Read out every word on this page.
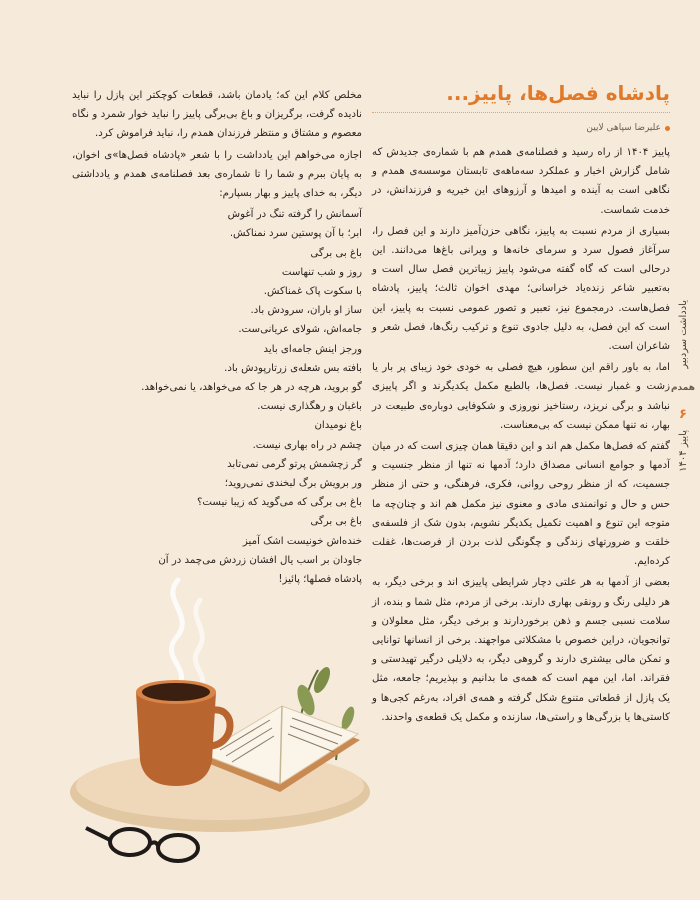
پادشاه فصل‌ها، پاییز...
علیرضا سپاهی لایین

پاییز ۱۴۰۴ از راه رسید و فصلنامه‌ی همدم هم با شماره‌ی جدیدش که شامل گزارش اخبار و عملکرد سه‌ماهه‌ی تابستان موسسه‌ی همدم و نگاهی است به آینده و امیدها و آرزوهای این خیریه و فرزندانش، در خدمت شماست.

بسیاری از مردم نسبت به پاییز، نگاهی حزن‌آمیز دارند و این فصل را، سرآغاز فصول سرد و سرمای خانه‌ها و ویرانی باغ‌ها می‌دانند. این درحالی است که گاه گفته می‌شود پاییز زیباترین فصل سال است و به‌تعبیر شاعر زنده‌یاد خراسانی؛ مهدی اخوان ثالث؛ پاییز، پادشاه فصل‌هاست. درمجموع نیز، تعبیر و تصور عمومی نسبت به پاییز، این است که این فصل، به دلیل جادوی تنوع و ترکیب رنگ‌ها، فصل شعر و شاعران است.

اما، به باور راقم این سطور، هیچ فصلی به خودی خود زیبای پر بار یا زشت و غمبار نیست. فصل‌ها، بالطبع مکمل یکدیگرند و اگر پاییزی نباشد و برگی نریزد، رستاخیز نوروزی و شکوفایی دوباره‌ی طبیعت در بهار، نه تنها ممکن نیست که بی‌معناست.

گفتم که فصل‌ها مکمل هم اند و این دقیقا همان چیزی است که در میان آدمها و جوامع انسانی مصداق دارد؛ آدمها نه تنها از منظر جنسیت و جسمیت، که از منظر روحی روانی، فکری، فرهنگی، و حتی از منظر حس و حال و توانمندی مادی و معنوی نیز مکمل هم اند و چنان‌چه ما متوجه این تنوع و اهمیت تکمیل یکدیگر نشویم، بدون شک از فلسفه‌ی خلقت و ضرورتهای زندگی و چگونگی لذت بردن از فرصت‌ها، غفلت کرده‌ایم.

بعضی از آدمها به هر علتی دچار شرایطی پاییزی اند و برخی دیگر، به هر دلیلی رنگ و رونقی بهاری دارند. برخی از مردم، مثل شما و بنده، از سلامت نسبی جسم و ذهن برخوردارند و برخی دیگر، مثل معلولان و توانجویان، دراین خصوص با مشکلاتی مواجهند. برخی از انسانها توانایی و تمکن مالی بیشتری دارند و گروهی دیگر، به دلایلی درگیر تهیدستی و فقراند. اما، این مهم است که همه‌ی ما بدانیم و بپذیریم؛ جامعه، مثل یک پازل از قطعاتی متنوع شکل گرفته و همه‌ی افراد، به‌رغم کجی‌ها و کاستی‌ها یا بزرگی‌ها و راستی‌ها، سازنده و مکمل یک قطعه‌ی واحدند.

مخلص کلام این که؛ یادمان باشد، قطعات کوچکتر این پازل را نباید نادیده گرفت، برگریزان و باغ بی‌برگی پاییز را نباید خوار شمرد و نگاه معصوم و مشتاق و منتظر فرزندان همدم را، نباید فراموش کرد.

اجازه می‌خواهم این یادداشت را با شعر «پادشاه فصل‌ها»ی اخوان، به پایان ببرم و شما را تا شماره‌ی بعد فصلنامه‌ی همدم و یادداشتی دیگر، به خدای پاییز و بهار بسپارم:

آسمانش را گرفته تنگ در آغوش
ابر؛ با آن پوستین سرد نمناکش.
باغ بی برگی
روز و شب تنهاست
با سکوت پاک غمناکش.
ساز او باران، سرودش باد.
جامه‌اش، شولای عریانی‌ست.
ورجز اینش جامه‌ای باید
بافته بس شعله‌ی زرتارپودش باد.
گو بروید، هرچه در هر جا که می‌خواهد، یا نمی‌خواهد.
باغبان و رهگذاری نیست.
باغ نومیدان
چشم در راه بهاری نیست.
گر زچشمش پرتو گرمی نمی‌تابد
ور برویش برگ لبخندی نمی‌روید؛
باغ بی برگی که می‌گوید که زیبا نیست؟
باغ بی برگی
خنده‌اش خونیست اشک آمیز
جاودان بر اسب یال افشان زردش می‌چمد در آن
پادشاه فصلها؛ پائیز!
یادداشت سردبیر
همدم
۶
پاییز ۱۴۰۴
